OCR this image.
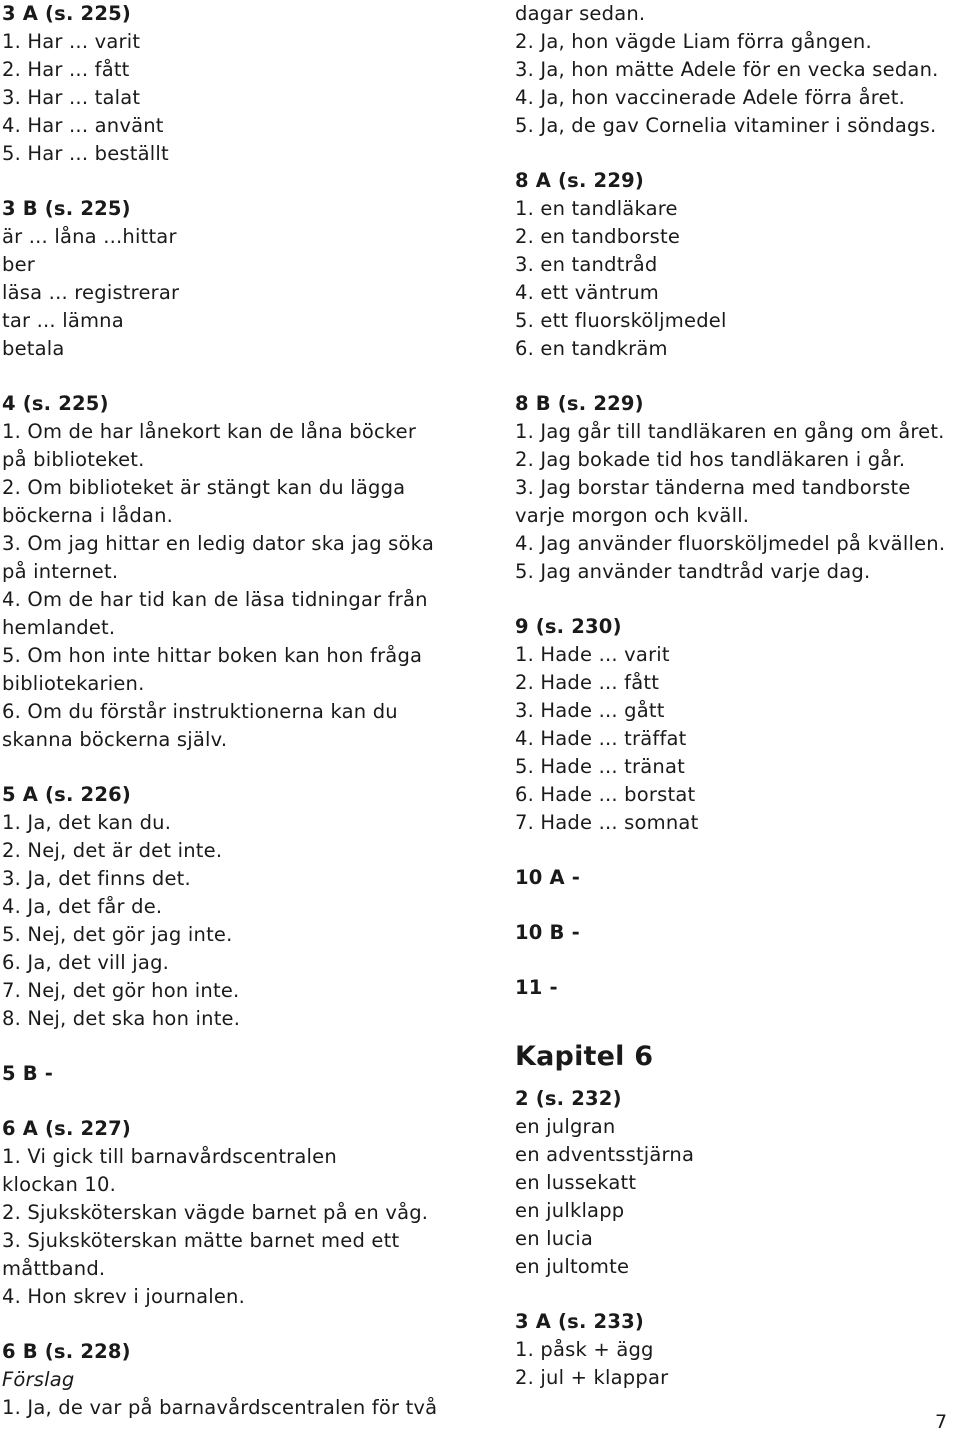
3 A (s. 225)
1. Har ... varit
2. Har ... fått
3. Har ... talat
4. Har ... använt
5. Har ... beställt
3 B (s. 225)
är ... låna ...hittar
ber
läsa ... registrerar
tar ... lämna
betala
4 (s. 225)
1. Om de har lånekort kan de låna böcker
på biblioteket.
2. Om biblioteket är stängt kan du lägga
böckerna i lådan.
3. Om jag hittar en ledig dator ska jag söka
på internet.
4. Om de har tid kan de läsa tidningar från
hemlandet.
5. Om hon inte hittar boken kan hon fråga
bibliotekarien.
6. Om du förstår instruktionerna kan du
skanna böckerna själv.
5 A (s. 226)
1. Ja, det kan du.
2. Nej, det är det inte.
3. Ja, det finns det.
4. Ja, det får de.
5. Nej, det gör jag inte.
6. Ja, det vill jag.
7. Nej, det gör hon inte.
8. Nej, det ska hon inte.
5 B -
6 A (s. 227)
1. Vi gick till barnavårdscentralen
klockan 10.
2. Sjuksköterskan vägde barnet på en våg.
3. Sjuksköterskan mätte barnet med ett
måttband.
4. Hon skrev i journalen.
6 B (s. 228)
Förslag
1. Ja, de var på barnavårdscentralen för två
dagar sedan.
2. Ja, hon vägde Liam förra gången.
3. Ja, hon mätte Adele för en vecka sedan.
4. Ja, hon vaccinerade Adele förra året.
5. Ja, de gav Cornelia vitaminer i söndags.
8 A (s. 229)
1. en tandläkare
2. en tandborste
3. en tandtråd
4. ett väntrum
5. ett fluorsköljmedel
6. en tandkräm
8 B (s. 229)
1. Jag går till tandläkaren en gång om året.
2. Jag bokade tid hos tandläkaren i går.
3. Jag borstar tänderna med tandborste
varje morgon och kväll.
4. Jag använder fluorsköljmedel på kvällen.
5. Jag använder tandtråd varje dag.
9 (s. 230)
1. Hade ... varit
2. Hade ... fått
3. Hade ... gått
4. Hade ... träffat
5. Hade ... tränat
6. Hade ... borstat
7. Hade ... somnat
10 A -
10 B -
11 -
Kapitel 6
2 (s. 232)
en julgran
en adventsstjärna
en lussekatt
en julklapp
en lucia
en jultomte
3 A (s. 233)
1. påsk + ägg
2. jul + klappar
7
